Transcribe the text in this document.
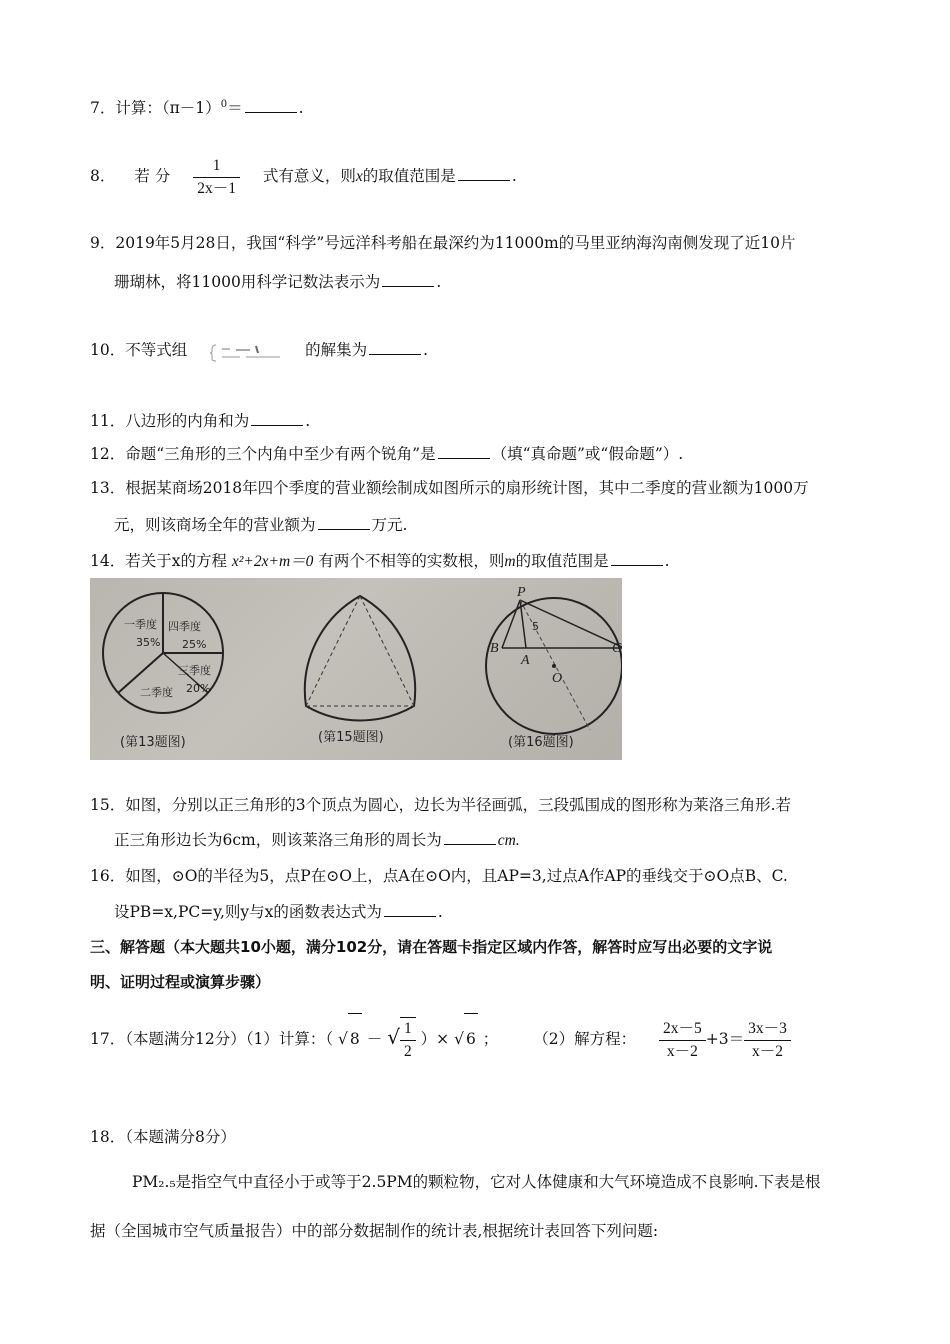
7．计算：$(\pi-1)^0=$	.
8． 若 分 $\frac{1}{2x-1}$ 式有意义，则x的取值范围是	.
9．2019年5月28日，我国“科学”号远洋科考船在最深约为11000m的马里亚纳海沟南侧发现了近10片
珊瑚林，将11000用科学记数法表示为	.
10．不等式组	的解集为	.
11．八边形的内角和为	.
12．命题“三角形的三个内角中至少有两个锐角”是	（填“真命题”或“假命题”）.
13．根据某商场2018年四个季度的营业额绘制成如图所示的扇形统计图，其中二季度的营业额为1000万
元，则该商场全年的营业额为	万元.
14．若关于x的方程 x²+2x+m＝0 有两个不相等的实数根，则m的取值范围是	.
一季度
35%
四季度
25%
三季度
20%
二季度
(第13题图)	(第15题图)
P
B
A
O
C
5
(第16题图)
15．如图，分别以正三角形的3个顶点为圆心，边长为半径画弧，三段弧围成的图形称为莱洛三角形.若
正三角形边长为6cm，则该莱洛三角形的周长为	cm.
16．如图，⊙O的半径为5，点P在⊙O上，点A在⊙O内，且AP=3,过点A作AP的垂线交于⊙O点B、C.
设PB=x,PC=y,则y与x的函数表达式为	.
三、解答题（本大题共10小题，满分102分，请在答题卡指定区域内作答，解答时应写出必要的文字说
明、证明过程或演算步骤）
17．（本题满分12分）（1）计算：（ √ 8 － √ $\frac{1}{2}$ ）× √ 6 ； （2）解方程： $\frac{2x-5}{x-2} +3= \frac{3x-3}{x-2}$
18．（本题满分8分）
PM₂.₅是指空气中直径小于或等于2.5PM的颗粒物，它对人体健康和大气环境造成不良影响.下表是根
据（全国城市空气质量报告）中的部分数据制作的统计表,根据统计表回答下列问题:
